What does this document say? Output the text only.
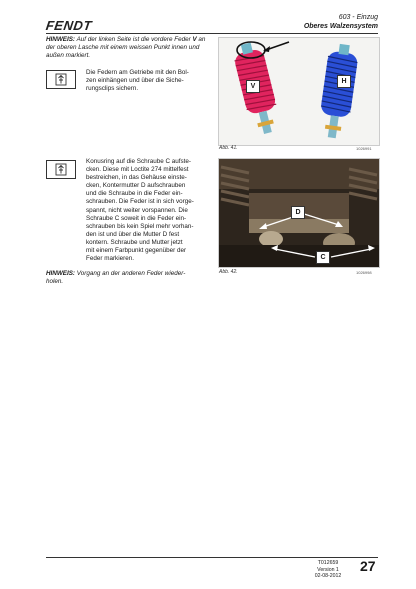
FENDT
603 - Einzug
Oberes Walzensystem
HINWEIS: Auf der linken Seite ist die vordere Feder V an der oberen Lasche mit einem weissen Punkt innen und außen markiert.
Die Federn am Getriebe mit den Bol-
zen einhängen und über die Siche-
rungsclips sichern.	V
H
Abb. 41.	1026991
Konusring auf die Schraube C aufste-
cken. Diese mit Loctite 274 mittelfest
bestreichen, in das Gehäuse einste-
cken, Kontermutter D aufschrauben
und die Schraube in die Feder ein-
schrauben. Die Feder ist in sich vorge-
spannt, nicht weiter vorspannen. Die
Schraube C soweit in die Feder ein-
schrauben bis kein Spiel mehr vorhan-
den ist und über die Mutter D fest
kontern. Schraube und Mutter jetzt
mit einem Farbpunkt gegenüber der
Feder markieren.
HINWEIS: Vorgang an der anderen Feder wieder-
holen.
D
C
Abb. 42.	1026998
T012659
Version 1
02-08-2012
27
